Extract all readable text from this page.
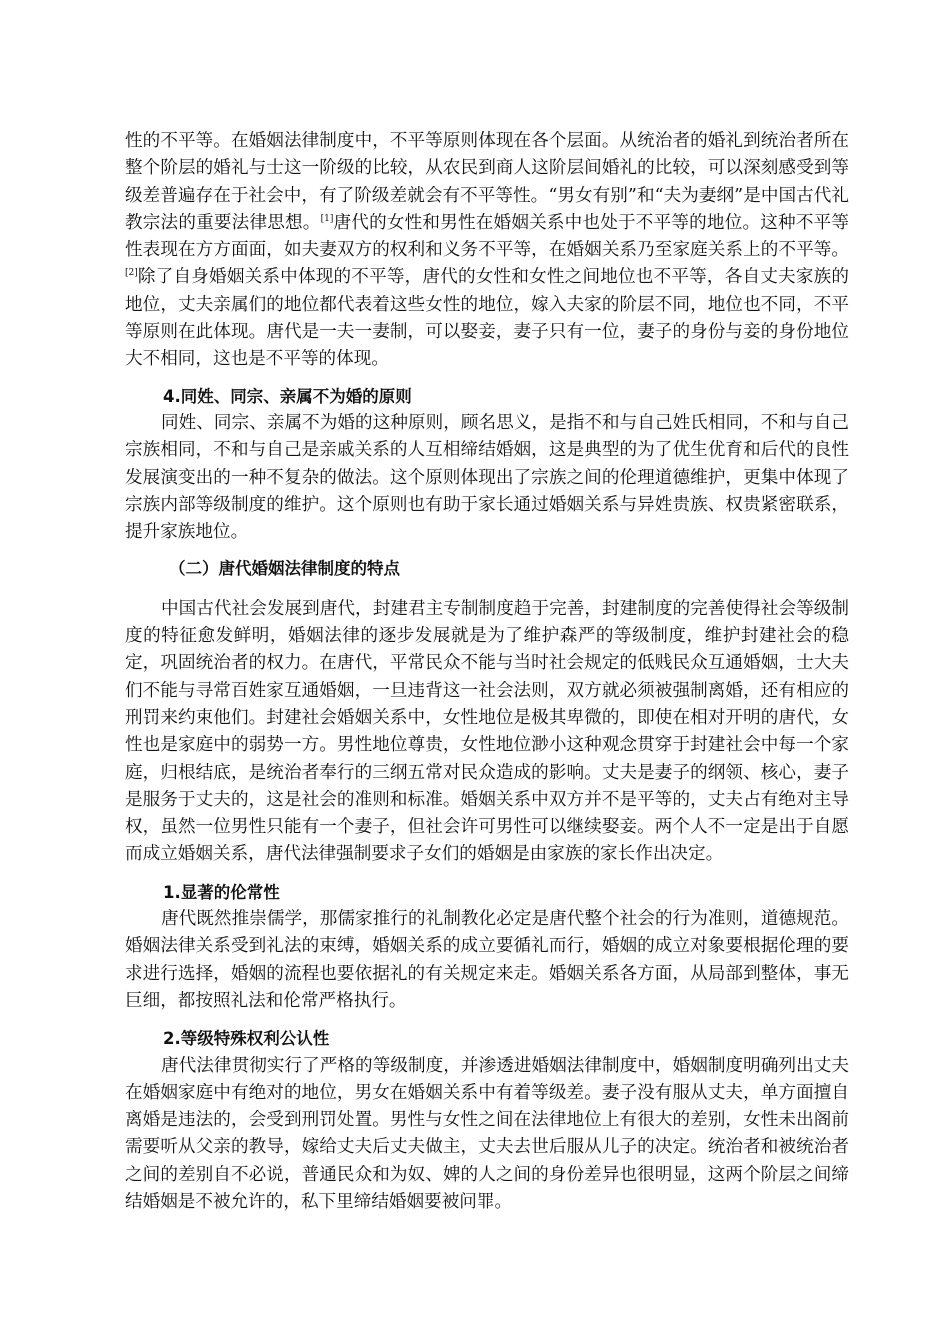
性的不平等。在婚姻法律制度中，不平等原则体现在各个层面。从统治者的婚礼到统治者所在整个阶层的婚礼与士这一阶级的比较，从农民到商人这阶层间婚礼的比较，可以深刻感受到等级差普遍存在于社会中，有了阶级差就会有不平等性。“男女有别”和“夫为妻纲”是中国古代礼教宗法的重要法律思想。[1]唐代的女性和男性在婚姻关系中也处于不平等的地位。这种不平等性表现在方方面面，如夫妻双方的权利和义务不平等，在婚姻关系乃至家庭关系上的不平等。[2]除了自身婚姻关系中体现的不平等，唐代的女性和女性之间地位也不平等，各自丈夫家族的地位，丈夫亲属们的地位都代表着这些女性的地位，嫁入夫家的阶层不同，地位也不同，不平等原则在此体现。唐代是一夫一妻制，可以娶妾，妻子只有一位，妻子的身份与妾的身份地位大不相同，这也是不平等的体现。

4.同姓、同宗、亲属不为婚的原则

同姓、同宗、亲属不为婚的这种原则，顾名思义，是指不和与自己姓氏相同，不和与自己宗族相同，不和与自己是亲戚关系的人互相缔结婚姻，这是典型的为了优生优育和后代的良性发展演变出的一种不复杂的做法。这个原则体现出了宗族之间的伦理道德维护，更集中体现了宗族内部等级制度的维护。这个原则也有助于家长通过婚姻关系与异姓贵族、权贵紧密联系，提升家族地位。

（二）唐代婚姻法律制度的特点

中国古代社会发展到唐代，封建君主专制制度趋于完善，封建制度的完善使得社会等级制度的特征愈发鲜明，婚姻法律的逐步发展就是为了维护森严的等级制度，维护封建社会的稳定，巩固统治者的权力。在唐代，平常民众不能与当时社会规定的低贱民众互通婚姻，士大夫们不能与寻常百姓家互通婚姻，一旦违背这一社会法则，双方就必须被强制离婚，还有相应的刑罚来约束他们。封建社会婚姻关系中，女性地位是极其卑微的，即使在相对开明的唐代，女性也是家庭中的弱势一方。男性地位尊贵，女性地位渺小这种观念贯穿于封建社会中每一个家庭，归根结底，是统治者奉行的三纲五常对民众造成的影响。丈夫是妻子的纲领、核心，妻子是服务于丈夫的，这是社会的准则和标准。婚姻关系中双方并不是平等的，丈夫占有绝对主导权，虽然一位男性只能有一个妻子，但社会许可男性可以继续娶妾。两个人不一定是出于自愿而成立婚姻关系，唐代法律强制要求子女们的婚姻是由家族的家长作出决定。

1.显著的伦常性

唐代既然推崇儒学，那儒家推行的礼制教化必定是唐代整个社会的行为准则，道德规范。婚姻法律关系受到礼法的束缚，婚姻关系的成立要循礼而行，婚姻的成立对象要根据伦理的要求进行选择，婚姻的流程也要依据礼的有关规定来走。婚姻关系各方面，从局部到整体，事无巨细，都按照礼法和伦常严格执行。

2.等级特殊权利公认性

唐代法律贯彻实行了严格的等级制度，并渗透进婚姻法律制度中，婚姻制度明确列出丈夫在婚姻家庭中有绝对的地位，男女在婚姻关系中有着等级差。妻子没有服从丈夫，单方面擅自离婚是违法的，会受到刑罚处置。男性与女性之间在法律地位上有很大的差别，女性未出阁前需要听从父亲的教导，嫁给丈夫后丈夫做主，丈夫去世后服从儿子的决定。统治者和被统治者之间的差别自不必说，普通民众和为奴、婢的人之间的身份差异也很明显，这两个阶层之间缔结婚姻是不被允许的，私下里缔结婚姻要被问罪。
